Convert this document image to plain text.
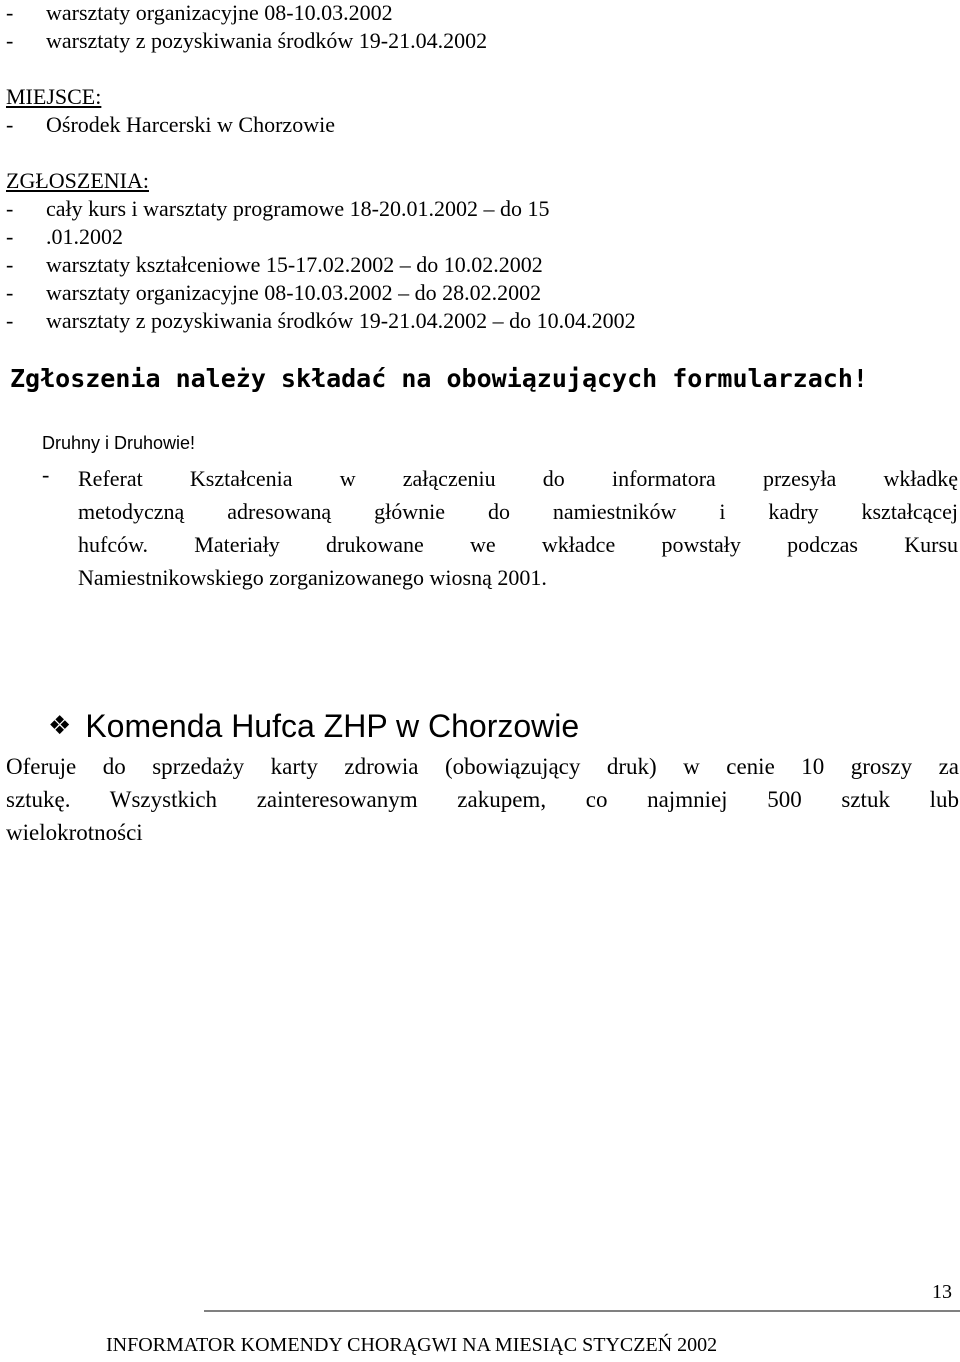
- warsztaty organizacyjne 08-10.03.2002
- warsztaty z pozyskiwania środków 19-21.04.2002
MIEJSCE:
- Ośrodek Harcerski w Chorzowie
ZGŁOSZENIA:
- cały kurs i warsztaty programowe 18-20.01.2002 – do 15
- .01.2002
- warsztaty kształceniowe 15-17.02.2002 – do 10.02.2002
- warsztaty organizacyjne 08-10.03.2002 – do 28.02.2002
- warsztaty z pozyskiwania środków 19-21.04.2002 – do 10.04.2002
Zgłoszenia należy składać na obowiązujących formularzach!
Druhny i Druhowie!
- Referat Kształcenia w załączeniu do informatora przesyła wkładkę
metodyczną adresowaną głównie do namiestników i kadry kształcącej
hufców. Materiały drukowane we wkładce powstały podczas Kursu
Namiestnikowskiego zorganizowanego wiosną 2001.
❖ Komenda Hufca ZHP w Chorzowie
Oferuje do sprzedaży karty zdrowia (obowiązujący druk) w cenie 10 groszy za
sztukę. Wszystkich zainteresowanym zakupem, co najmniej 500 sztuk lub
wielokrotności
13
INFORMATOR KOMENDY CHORĄGWI NA MIESIĄC STYCZEŃ 2002
